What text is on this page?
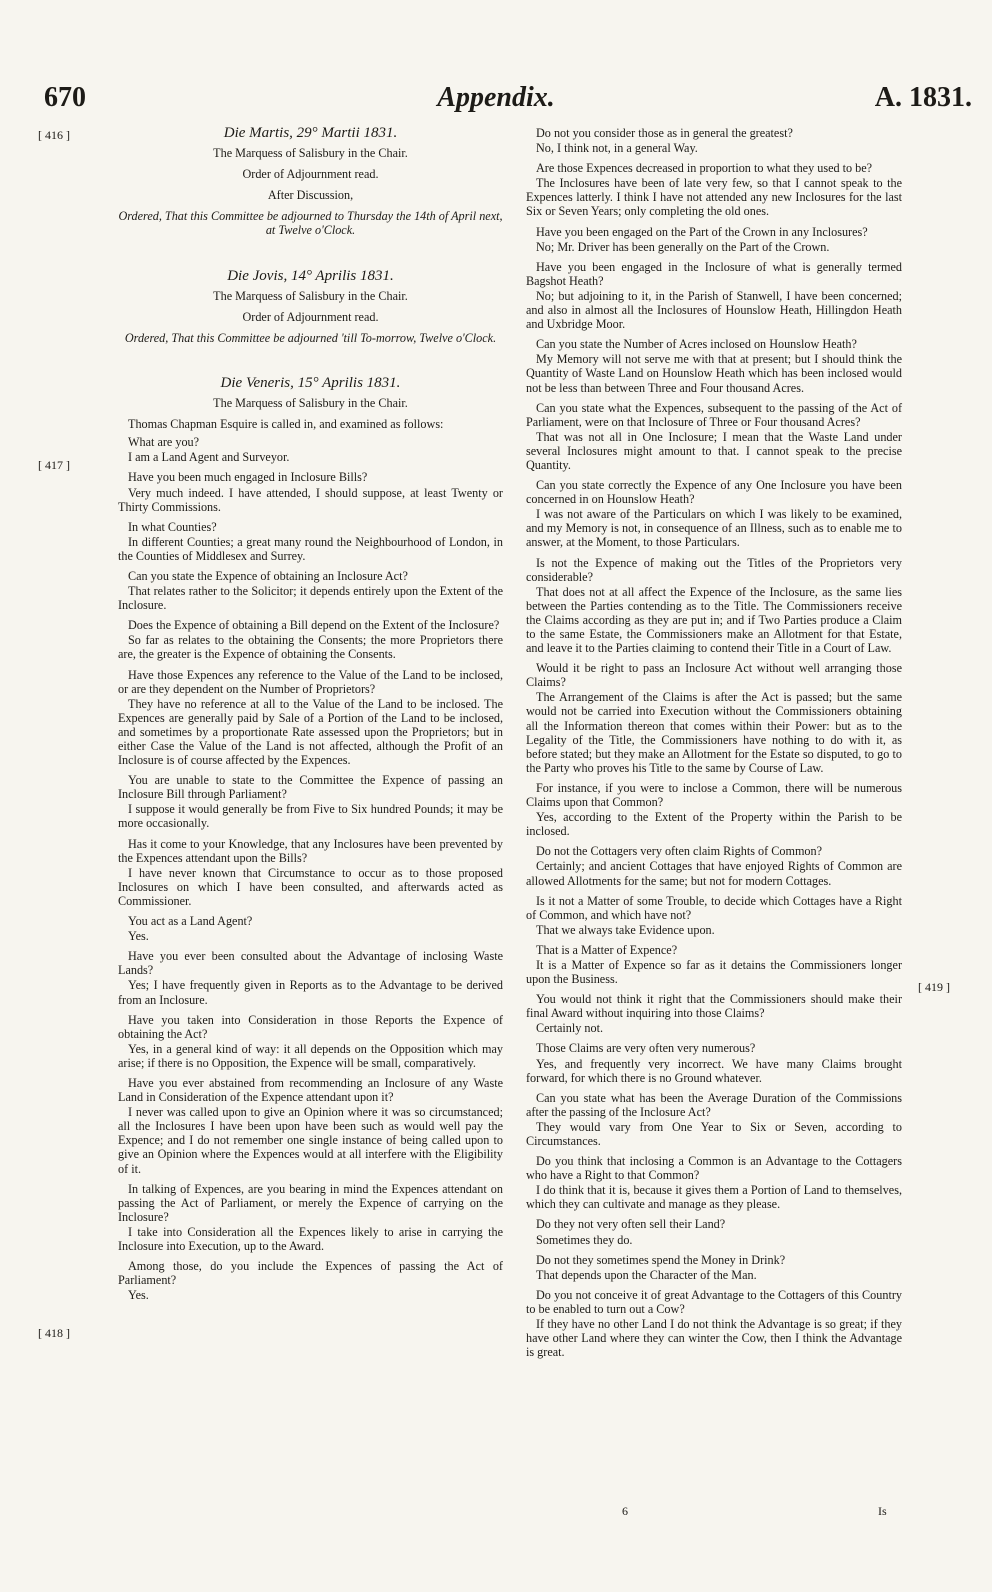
670	Appendix.	A. 1831.
[ 416 ]
[ 417 ]
[ 418 ]
[ 419 ]
Die Martis, 29° Martii 1831.
The Marquess of Salisbury in the Chair.
Order of Adjournment read.
After Discussion,
Ordered, That this Committee be adjourned to Thursday the 14th of April next, at Twelve o'Clock.
Die Jovis, 14° Aprilis 1831.
The Marquess of Salisbury in the Chair.
Order of Adjournment read.
Ordered, That this Committee be adjourned 'till To-morrow, Twelve o'Clock.
Die Veneris, 15° Aprilis 1831.
The Marquess of Salisbury in the Chair.
Thomas Chapman Esquire is called in, and examined as follows:
What are you?
I am a Land Agent and Surveyor.
Have you been much engaged in Inclosure Bills?
Very much indeed. I have attended, I should suppose, at least Twenty or Thirty Commissions.
In what Counties?
In different Counties; a great many round the Neighbourhood of London, in the Counties of Middlesex and Surrey.
Can you state the Expence of obtaining an Inclosure Act?
That relates rather to the Solicitor; it depends entirely upon the Extent of the Inclosure.
Does the Expence of obtaining a Bill depend on the Extent of the Inclosure?
So far as relates to the obtaining the Consents; the more Proprietors there are, the greater is the Expence of obtaining the Consents.
Have those Expences any reference to the Value of the Land to be inclosed, or are they dependent on the Number of Proprietors?
They have no reference at all to the Value of the Land to be inclosed. The Expences are generally paid by Sale of a Portion of the Land to be inclosed, and sometimes by a proportionate Rate assessed upon the Proprietors; but in either Case the Value of the Land is not affected, although the Profit of an Inclosure is of course affected by the Expences.
You are unable to state to the Committee the Expence of passing an Inclosure Bill through Parliament?
I suppose it would generally be from Five to Six hundred Pounds; it may be more occasionally.
Has it come to your Knowledge, that any Inclosures have been prevented by the Expences attendant upon the Bills?
I have never known that Circumstance to occur as to those proposed Inclosures on which I have been consulted, and afterwards acted as Commissioner.
You act as a Land Agent?
Yes.
Have you ever been consulted about the Advantage of inclosing Waste Lands?
Yes; I have frequently given in Reports as to the Advantage to be derived from an Inclosure.
Have you taken into Consideration in those Reports the Expence of obtaining the Act?
Yes, in a general kind of way: it all depends on the Opposition which may arise; if there is no Opposition, the Expence will be small, comparatively.
Have you ever abstained from recommending an Inclosure of any Waste Land in Consideration of the Expence attendant upon it?
I never was called upon to give an Opinion where it was so circumstanced; all the Inclosures I have been upon have been such as would well pay the Expence; and I do not remember one single instance of being called upon to give an Opinion where the Expences would at all interfere with the Eligibility of it.
In talking of Expences, are you bearing in mind the Expences attendant on passing the Act of Parliament, or merely the Expence of carrying on the Inclosure?
I take into Consideration all the Expences likely to arise in carrying the Inclosure into Execution, up to the Award.
Among those, do you include the Expences of passing the Act of Parliament?
Yes.
Do not you consider those as in general the greatest?
No, I think not, in a general Way.
Are those Expences decreased in proportion to what they used to be?
The Inclosures have been of late very few, so that I cannot speak to the Expences latterly. I think I have not attended any new Inclosures for the last Six or Seven Years; only completing the old ones.
Have you been engaged on the Part of the Crown in any Inclosures?
No; Mr. Driver has been generally on the Part of the Crown.
Have you been engaged in the Inclosure of what is generally termed Bagshot Heath?
No; but adjoining to it, in the Parish of Stanwell, I have been concerned; and also in almost all the Inclosures of Hounslow Heath, Hillingdon Heath and Uxbridge Moor.
Can you state the Number of Acres inclosed on Hounslow Heath?
My Memory will not serve me with that at present; but I should think the Quantity of Waste Land on Hounslow Heath which has been inclosed would not be less than between Three and Four thousand Acres.
Can you state what the Expences, subsequent to the passing of the Act of Parliament, were on that Inclosure of Three or Four thousand Acres?
That was not all in One Inclosure; I mean that the Waste Land under several Inclosures might amount to that. I cannot speak to the precise Quantity.
Can you state correctly the Expence of any One Inclosure you have been concerned in on Hounslow Heath?
I was not aware of the Particulars on which I was likely to be examined, and my Memory is not, in consequence of an Illness, such as to enable me to answer, at the Moment, to those Particulars.
Is not the Expence of making out the Titles of the Proprietors very considerable?
That does not at all affect the Expence of the Inclosure, as the same lies between the Parties contending as to the Title. The Commissioners receive the Claims according as they are put in; and if Two Parties produce a Claim to the same Estate, the Commissioners make an Allotment for that Estate, and leave it to the Parties claiming to contend their Title in a Court of Law.
Would it be right to pass an Inclosure Act without well arranging those Claims?
The Arrangement of the Claims is after the Act is passed; but the same would not be carried into Execution without the Commissioners obtaining all the Information thereon that comes within their Power: but as to the Legality of the Title, the Commissioners have nothing to do with it, as before stated; but they make an Allotment for the Estate so disputed, to go to the Party who proves his Title to the same by Course of Law.
For instance, if you were to inclose a Common, there will be numerous Claims upon that Common?
Yes, according to the Extent of the Property within the Parish to be inclosed.
Do not the Cottagers very often claim Rights of Common?
Certainly; and ancient Cottages that have enjoyed Rights of Common are allowed Allotments for the same; but not for modern Cottages.
Is it not a Matter of some Trouble, to decide which Cottages have a Right of Common, and which have not?
That we always take Evidence upon.
That is a Matter of Expence?
It is a Matter of Expence so far as it detains the Commissioners longer upon the Business.
You would not think it right that the Commissioners should make their final Award without inquiring into those Claims?
Certainly not.
Those Claims are very often very numerous?
Yes, and frequently very incorrect. We have many Claims brought forward, for which there is no Ground whatever.
Can you state what has been the Average Duration of the Commissions after the passing of the Inclosure Act?
They would vary from One Year to Six or Seven, according to Circumstances.
Do you think that inclosing a Common is an Advantage to the Cottagers who have a Right to that Common?
I do think that it is, because it gives them a Portion of Land to themselves, which they can cultivate and manage as they please.
Do they not very often sell their Land?
Sometimes they do.
Do not they sometimes spend the Money in Drink?
That depends upon the Character of the Man.
Do you not conceive it of great Advantage to the Cottagers of this Country to be enabled to turn out a Cow?
If they have no other Land I do not think the Advantage is so great; if they have other Land where they can winter the Cow, then I think the Advantage is great.
6	Is
